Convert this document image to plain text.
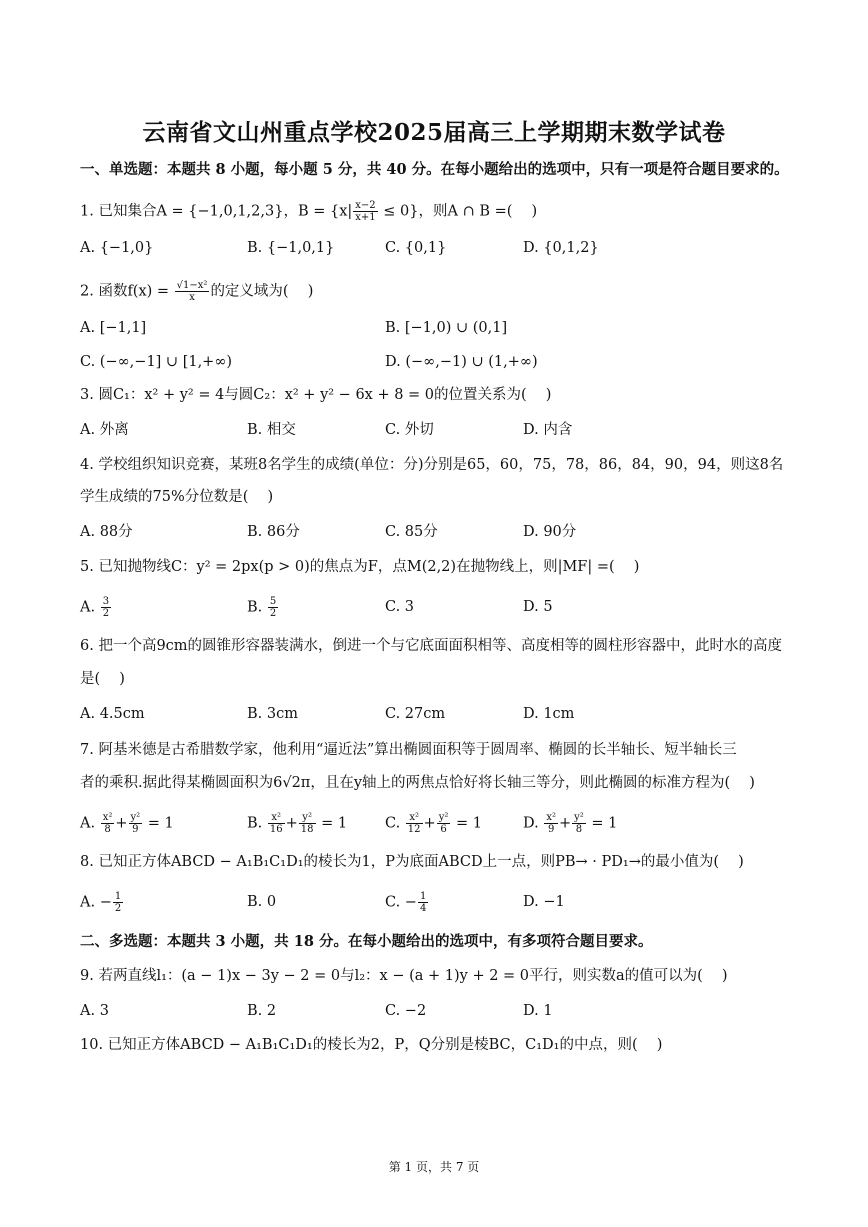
云南省文山州重点学校2025届高三上学期期末数学试卷
一、单选题：本题共 8 小题，每小题 5 分，共 40 分。在每小题给出的选项中，只有一项是符合题目要求的。
1. 已知集合A = {−1,0,1,2,3}，$B = \{x| \frac{x-2}{x+1} \le 0\}$，则A ∩ B =(　 )
A. {−1,0}	B. {−1,0,1}	C. {0,1}	D. {0,1,2}
2. 函数$f(x) = \frac{\text{√1−x²}}{x}$ 的定义域为(　 )
A. [−1,1]	B. [−1,0) ∪ (0,1]
C. (−∞,−1] ∪ [1,+∞)	D. (−∞,−1) ∪ (1,+∞)
3. 圆C₁：x² + y² = 4与圆C₂：x² + y² − 6x + 8 = 0的位置关系为(　 )
A. 外离	B. 相交	C. 外切	D. 内含
4. 学校组织知识竞赛，某班8名学生的成绩(单位：分)分别是65，60，75，78，86，84，90，94，则这8名
学生成绩的75%分位数是(　 )
A. 88分	B. 86分	C. 85分	D. 90分
5. 已知抛物线C：y² = 2px(p > 0)的焦点为F，点M(2,2)在抛物线上，则|MF| =(　 )
A. $\frac{3}{2}$	B. $\frac{5}{2}$	C. 3	D. 5
6. 把一个高9cm的圆锥形容器装满水，倒进一个与它底面面积相等、高度相等的圆柱形容器中，此时水的高度
是(　 )
A. 4.5cm	B. 3cm	C. 27cm	D. 1cm
7. 阿基米德是古希腊数学家，他利用“逼近法”算出椭圆面积等于圆周率、椭圆的长半轴长、短半轴长三
者的乘积.据此得某椭圆面积为6√2π，且在y轴上的两焦点恰好将长轴三等分，则此椭圆的标准方程为(　 )
A. $\frac{\text{x²}}{8} + \frac{\text{y²}}{9} = 1$	B. $\frac{\text{x²}}{16} + \frac{\text{y²}}{18} = 1$	C. $\frac{\text{x²}}{12} + \frac{\text{y²}}{6} = 1$	D. $\frac{\text{x²}}{9} + \frac{\text{y²}}{8} = 1$
8. 已知正方体ABCD − A₁B₁C₁D₁的棱长为1，P为底面ABCD上一点，则PB→ · PD₁→的最小值为(　 )
A. − $\frac{1}{2}$	B. 0	C. − $\frac{1}{4}$	D. −1
二、多选题：本题共 3 小题，共 18 分。在每小题给出的选项中，有多项符合题目要求。
9. 若两直线l₁：(a − 1)x − 3y − 2 = 0与l₂：x − (a + 1)y + 2 = 0平行，则实数a的值可以为(　 )
A. 3	B. 2	C. −2	D. 1
10. 已知正方体ABCD − A₁B₁C₁D₁的棱长为2，P，Q分别是棱BC，C₁D₁的中点，则(　 )
第 1 页，共 7 页
